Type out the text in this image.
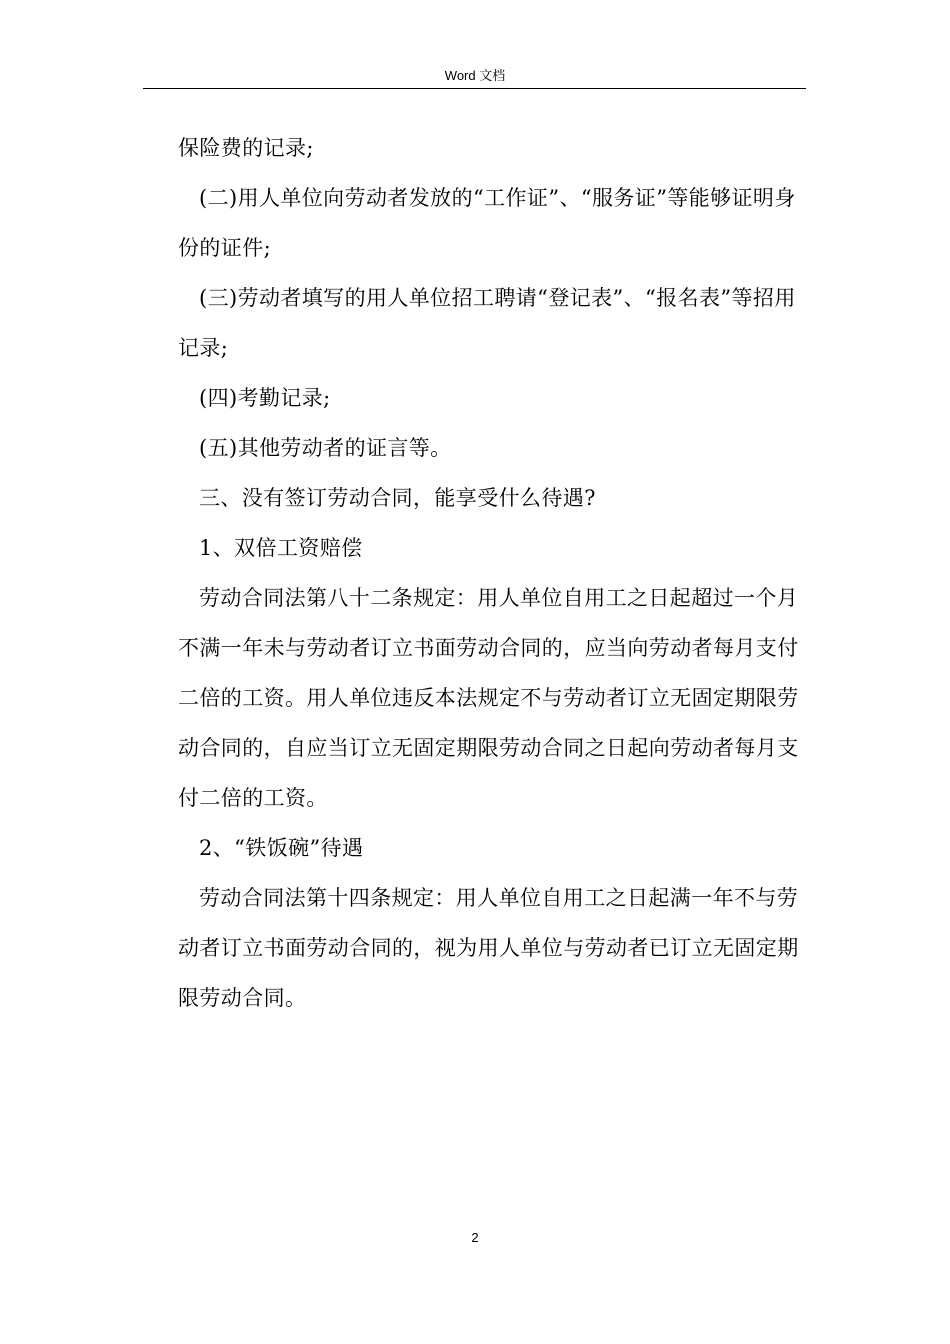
Word 文档

保险费的记录;

(二)用人单位向劳动者发放的“工作证”、“服务证”等能够证明身份的证件;

(三)劳动者填写的用人单位招工聘请“登记表”、“报名表”等招用记录;

(四)考勤记录;

(五)其他劳动者的证言等。

三、没有签订劳动合同，能享受什么待遇?

1、双倍工资赔偿

劳动合同法第八十二条规定：用人单位自用工之日起超过一个月不满一年未与劳动者订立书面劳动合同的，应当向劳动者每月支付二倍的工资。用人单位违反本法规定不与劳动者订立无固定期限劳动合同的，自应当订立无固定期限劳动合同之日起向劳动者每月支付二倍的工资。

2、“铁饭碗”待遇

劳动合同法第十四条规定：用人单位自用工之日起满一年不与劳动者订立书面劳动合同的，视为用人单位与劳动者已订立无固定期限劳动合同。

2
